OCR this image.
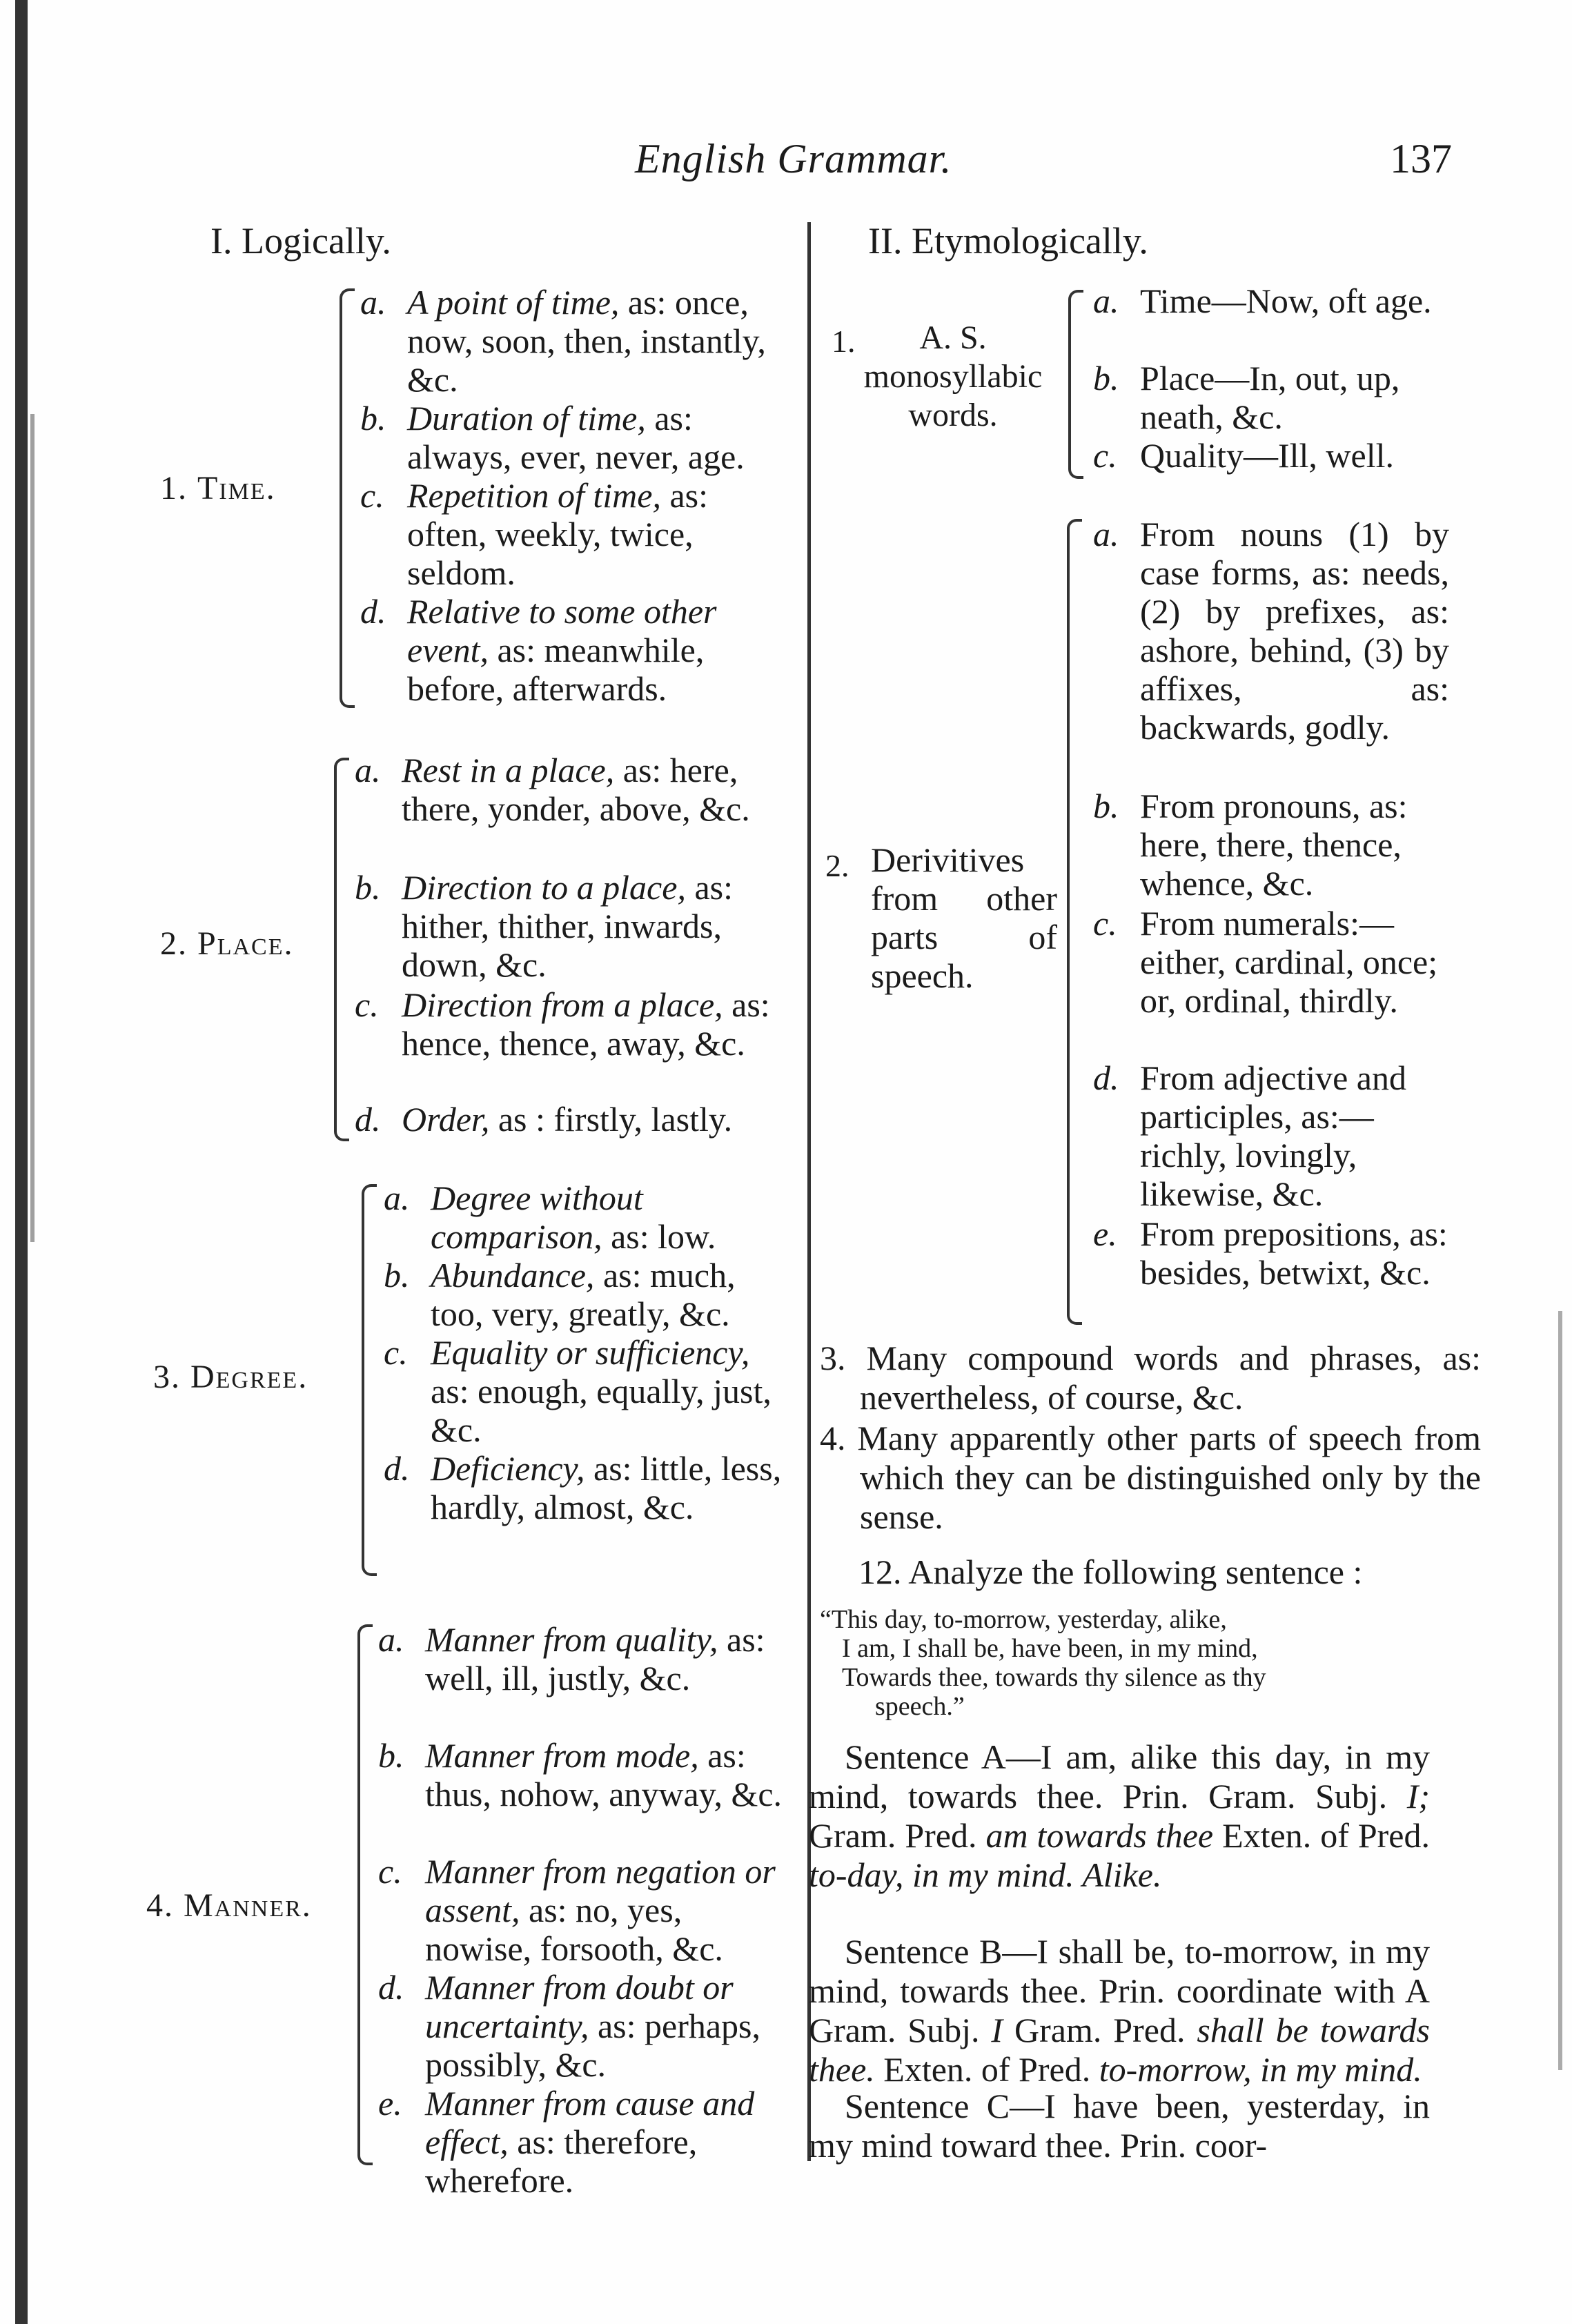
English Grammar.	137
I. Logically.
1. Time.
a. A point of time, as: once, now, soon, then, instantly, &c.
b. Duration of time, as: always, ever, never, age.
c. Repetition of time, as: often, weekly, twice, seldom.
d. Relative to some other event, as: meanwhile, before, afterwards.
2. Place.
a. Rest in a place, as: here, there, yonder, above, &c.
b. Direction to a place, as: hither, thither, inwards, down, &c.
c. Direction from a place, as: hence, thence, away, &c.
d. Order, as : firstly, lastly.
3. Degree.
a. Degree without comparison, as: low.
b. Abundance, as: much, too, very, greatly, &c.
c. Equality or sufficiency, as: enough, equally, just, &c.
d. Deficiency, as: little, less, hardly, almost, &c.
4. Manner.
a. Manner from quality, as: well, ill, justly, &c.
b. Manner from mode, as: thus, nohow, anyway, &c.
c. Manner from negation or assent, as: no, yes, nowise, forsooth, &c.
d. Manner from doubt or uncertainty, as: perhaps, possibly, &c.
e. Manner from cause and effect, as: therefore, wherefore.
II. Etymologically.
1.	A. S. monosyllabic words.
a. Time—Now, oft age.
b. Place—In, out, up, neath, &c.
c. Quality—Ill, well.
2. Derivitives from other parts of speech.
a. From nouns (1) by case forms, as: needs, (2) by prefixes, as: ashore, behind, (3) by affixes, as: backwards, godly.
b. From pronouns, as: here, there, thence, whence, &c.
c. From numerals:— either, cardinal, once; or, ordinal, thirdly.
d. From adjective and participles, as:— richly, lovingly, likewise, &c.
e. From prepositions, as: besides, betwixt, &c.
3. Many compound words and phrases, as: nevertheless, of course, &c.
4. Many apparently other parts of speech from which they can be distinguished only by the sense.
12. Analyze the following sentence :
“This day, to-morrow, yesterday, alike,
I am, I shall be, have been, in my mind,
Towards thee, towards thy silence as thy
speech.”
Sentence A—I am, alike this day, in my mind, towards thee. Prin. Gram. Subj. I; Gram. Pred. am towards thee Exten. of Pred. to-day, in my mind. Alike.
Sentence B—I shall be, to-morrow, in my mind, towards thee. Prin. coordinate with A Gram. Subj. I Gram. Pred. shall be towards thee. Exten. of Pred. to-morrow, in my mind.
Sentence C—I have been, yesterday, in my mind toward thee. Prin. coor-
